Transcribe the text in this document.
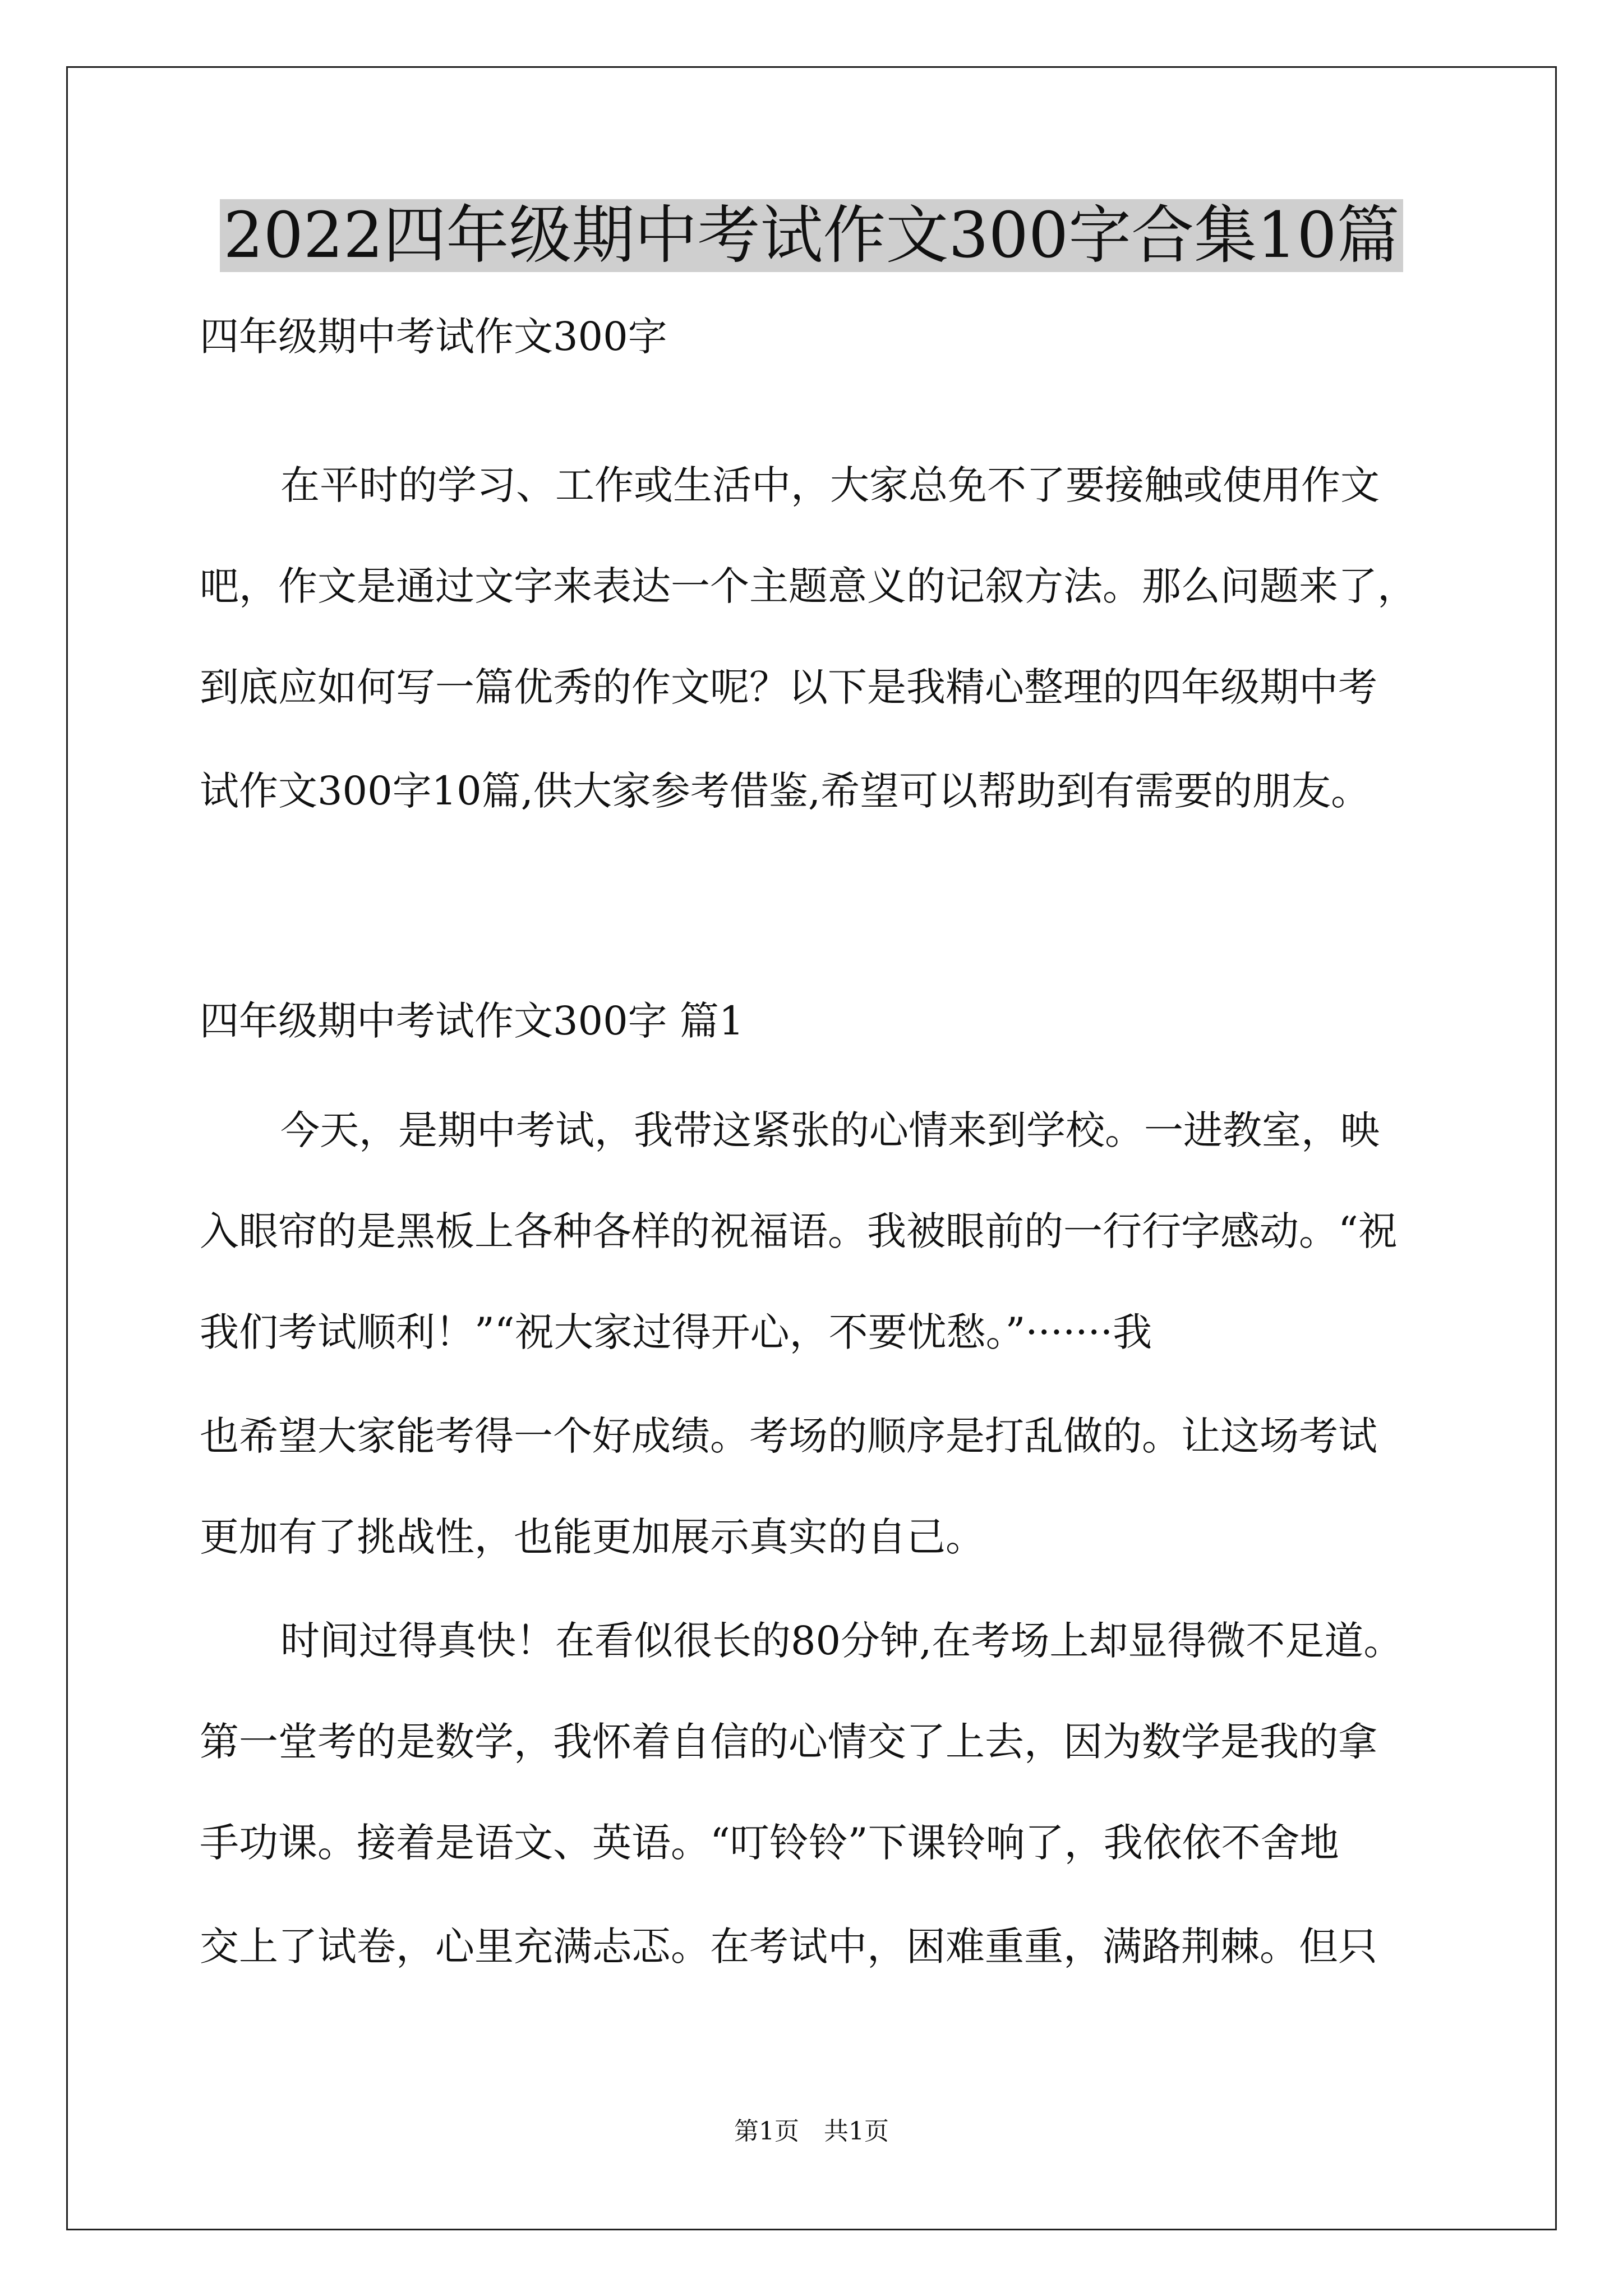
2022四年级期中考试作文300字合集10篇
四年级期中考试作文300字
在平时的学习、工作或生活中，大家总免不了要接触或使用作文
吧，作文是通过文字来表达一个主题意义的记叙方法。那么问题来了，
到底应如何写一篇优秀的作文呢？以下是我精心整理的四年级期中考
试作文300字10篇,供大家参考借鉴,希望可以帮助到有需要的朋友。
四年级期中考试作文300字 篇1
今天，是期中考试，我带这紧张的心情来到学校。一进教室，映
入眼帘的是黑板上各种各样的祝福语。我被眼前的一行行字感动。“祝
我们考试顺利！”“祝大家过得开心，不要忧愁。”·······我
也希望大家能考得一个好成绩。考场的顺序是打乱做的。让这场考试
更加有了挑战性，也能更加展示真实的自己。
时间过得真快！在看似很长的80分钟,在考场上却显得微不足道。
第一堂考的是数学，我怀着自信的心情交了上去，因为数学是我的拿
手功课。接着是语文、英语。“叮铃铃”下课铃响了，我依依不舍地
交上了试卷，心里充满忐忑。在考试中，困难重重，满路荆棘。但只
第1页 共1页
